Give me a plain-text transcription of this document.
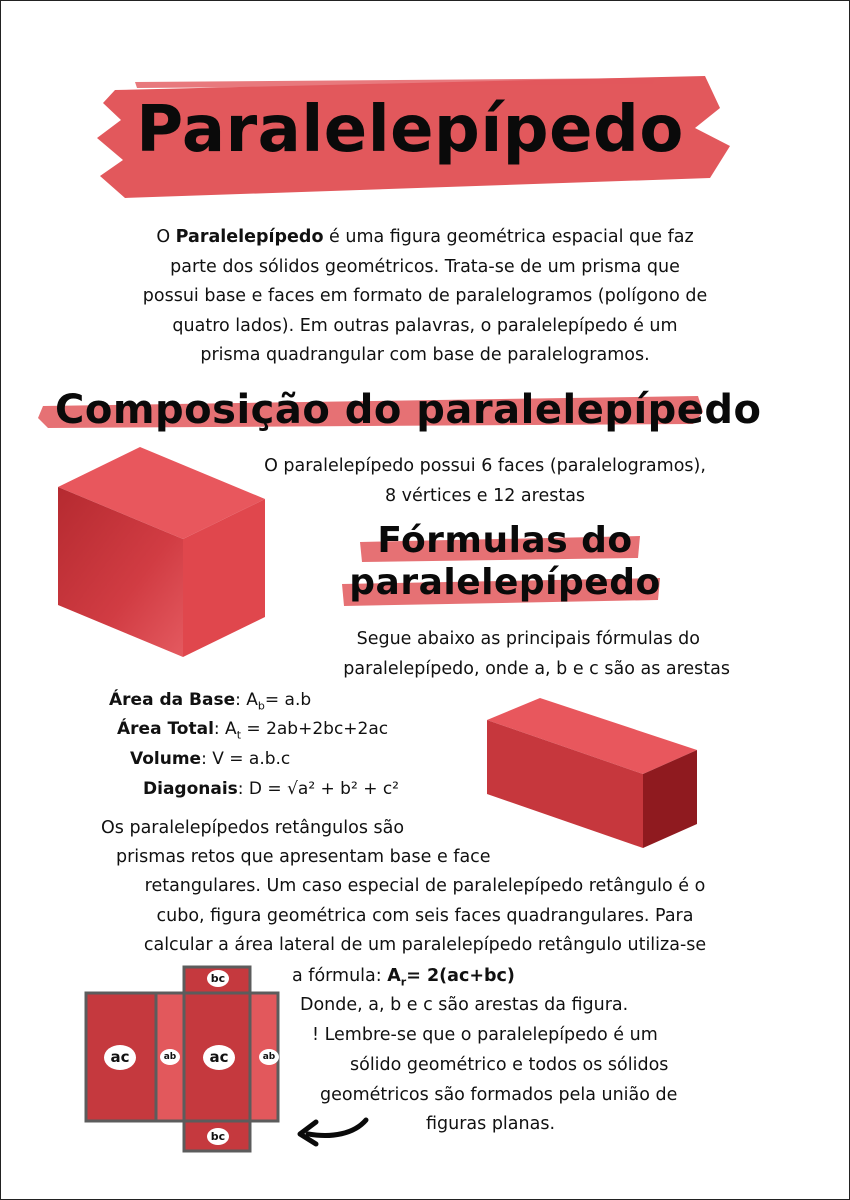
Paralelepípedo
O Paralelepípedo é uma figura geométrica espacial que faz
parte dos sólidos geométricos. Trata-se de um prisma que
possui base e faces em formato de paralelogramos (polígono de
quatro lados). Em outras palavras, o paralelepípedo é um
prisma quadrangular com base de paralelogramos.
Composição do paralelepípedo
O paralelepípedo possui 6 faces (paralelogramos),
8 vértices e 12 arestas
Fórmulas do
paralelepípedo
Segue abaixo as principais fórmulas do
paralelepípedo, onde a, b e c são as arestas
Área da Base: $A_b= a.b$
Área Total: $A_t = 2ab+2bc+2ac$
Volume: V = a.b.c
Diagonais: D = √a² + b² + c²
Os paralelepípedos retângulos são
prismas retos que apresentam base e face
retangulares. Um caso especial de paralelepípedo retângulo é o
cubo, figura geométrica com seis faces quadrangulares. Para
calcular a área lateral de um paralelepípedo retângulo utiliza-se
a fórmula: $A_r= 2(ac+bc)$
Donde, a, b e c são arestas da figura.
! Lembre-se que o paralelepípedo é um
sólido geométrico e todos os sólidos
geométricos são formados pela união de
figuras planas.
bc
ac	ab	ac	ab
bc
